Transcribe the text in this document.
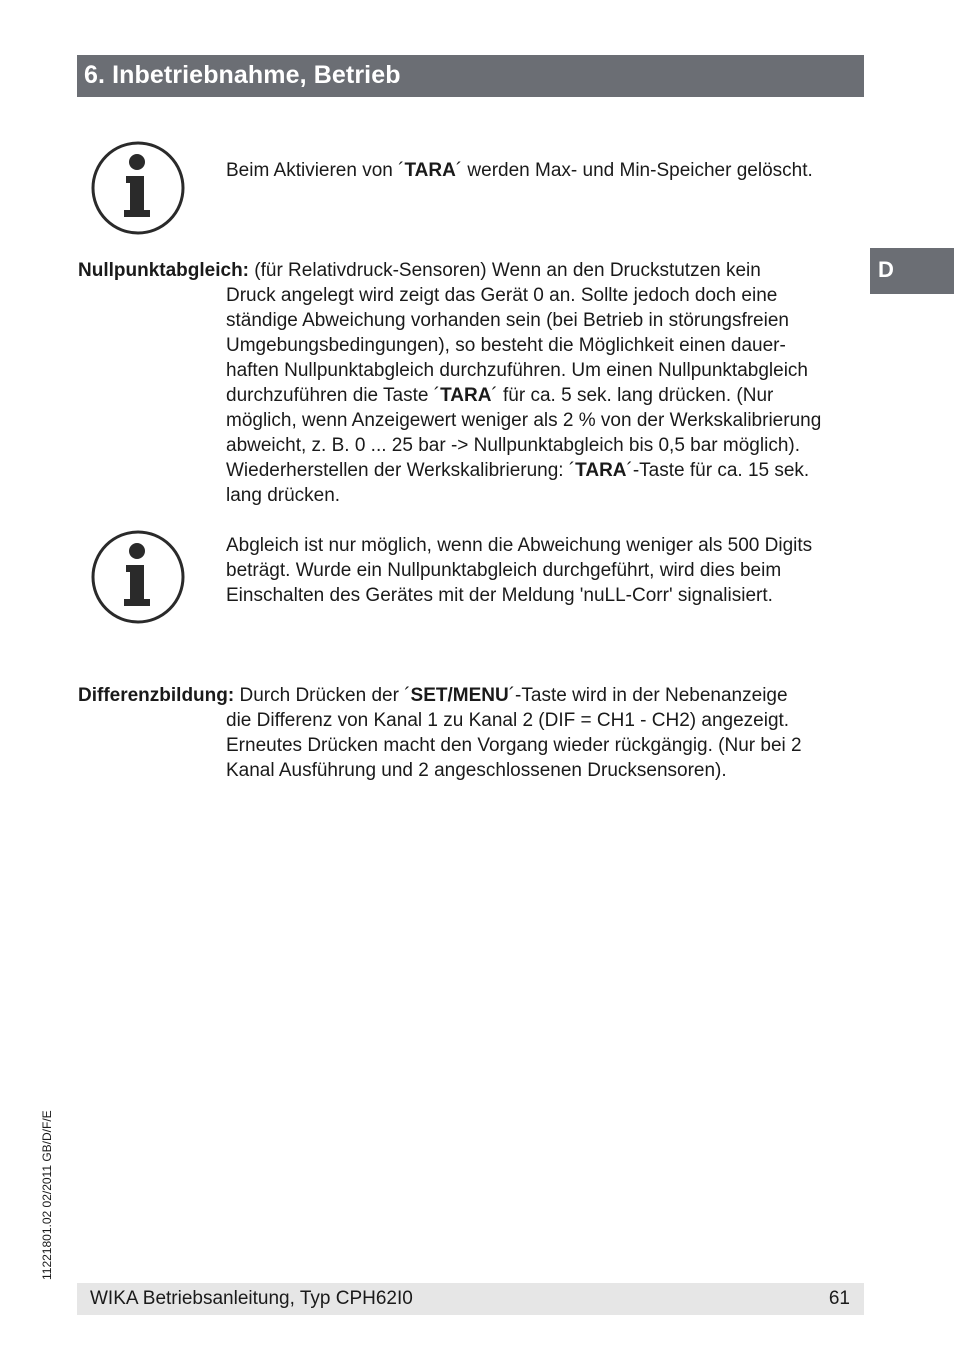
6. Inbetriebnahme, Betrieb
D
Beim Aktivieren von ´TARA´ werden Max- und Min-Speicher gelöscht.
Nullpunktabgleich: (für Relativdruck-Sensoren) Wenn an den Druckstutzen kein
Druck angelegt wird zeigt das Gerät 0 an. Sollte jedoch doch eine
ständige Abweichung vorhanden sein (bei Betrieb in störungsfreien
Umgebungsbedingungen), so besteht die Möglichkeit einen dauer-
haften Nullpunktabgleich durchzuführen. Um einen Nullpunktabgleich
durchzuführen die Taste ´TARA´ für ca. 5 sek. lang drücken. (Nur
möglich, wenn Anzeigewert weniger als 2 % von der Werkskalibrierung
abweicht, z. B. 0 ... 25 bar -> Nullpunktabgleich bis 0,5 bar möglich).
Wiederherstellen der Werkskalibrierung: ´TARA´-Taste für ca. 15 sek.
lang drücken.
Abgleich ist nur möglich, wenn die Abweichung weniger als 500 Digits
beträgt. Wurde ein Nullpunktabgleich durchgeführt, wird dies beim
Einschalten des Gerätes mit der Meldung 'nuLL-Corr' signalisiert.
Differenzbildung: Durch Drücken der ´SET/MENU´-Taste wird in der Nebenanzeige
die Differenz von Kanal 1 zu Kanal 2 (DIF = CH1 - CH2) angezeigt.
Erneutes Drücken macht den Vorgang wieder rückgängig. (Nur bei 2
Kanal Ausführung und 2 angeschlossenen Drucksensoren).
11221801.02 02/2011 GB/D/F/E
WIKA Betriebsanleitung, Typ CPH62I0	61
